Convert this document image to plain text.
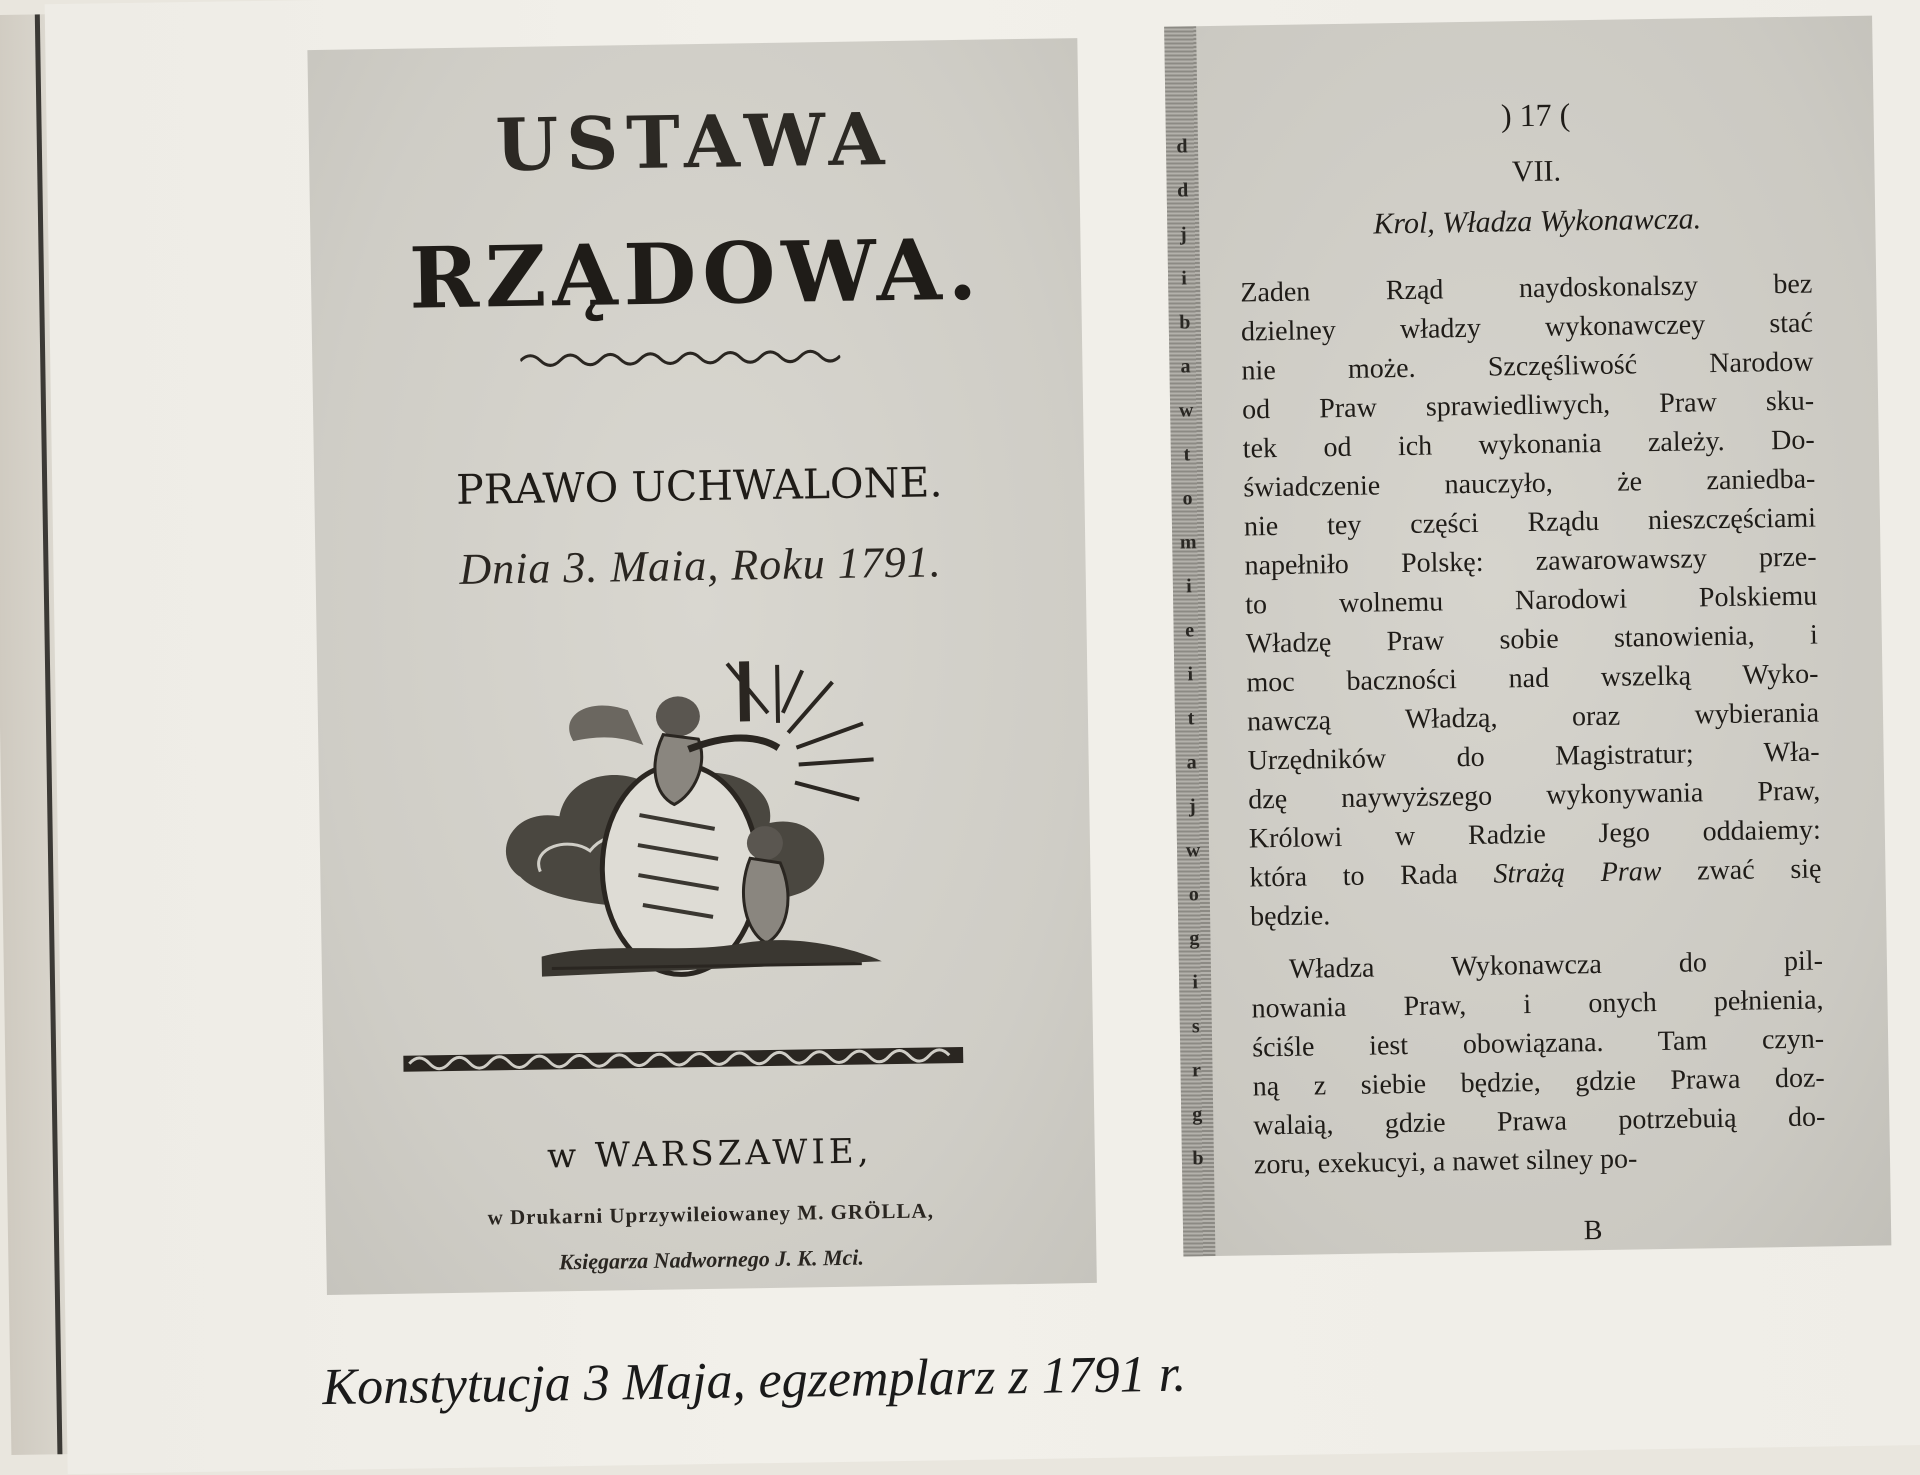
USTAWA
RZĄDOWA.
PRAWO UCHWALONE.
Dnia 3. Maia, Roku 1791.
w WARSZAWIE,
w Drukarni Uprzywileiowaney M. GRÖLLA,
Księgarza Nadwornego J. K. Mci.
d
d
j
i
b
a
w
t
o
m
i
e
i
t
a
j
w
o
g
i
s
r
g
b
) 17 (
VII.
Krol, Władza Wykonawcza.
Zaden Rząd naydoskonalszy bez
dzielney władzy wykonawczey stać
nie może. Szczęśliwość Narodow
od Praw sprawiedliwych, Praw sku-
tek od ich wykonania zależy. Do-
świadczenie nauczyło, że zaniedba-
nie tey części Rządu nieszczęściami
napełniło Polskę: zawarowawszy prze-
to wolnemu Narodowi Polskiemu
Władzę Praw sobie stanowienia, i
moc baczności nad wszelką Wyko-
nawczą Władzą, oraz wybierania
Urzędników do Magistratur; Wła-
dzę naywyższego wykonywania Praw,
Królowi w Radzie Jego oddaiemy:
która to Rada Strażą Praw zwać się
będzie.
Władza Wykonawcza do pil-
nowania Praw, i onych pełnienia,
ściśle iest obowiązana. Tam czyn-
ną z siebie będzie, gdzie Prawa doz-
walaią, gdzie Prawa potrzebuią do-
zoru, exekucyi, a nawet silney po-
B
Konstytucja 3 Maja, egzemplarz z 1791 r.
